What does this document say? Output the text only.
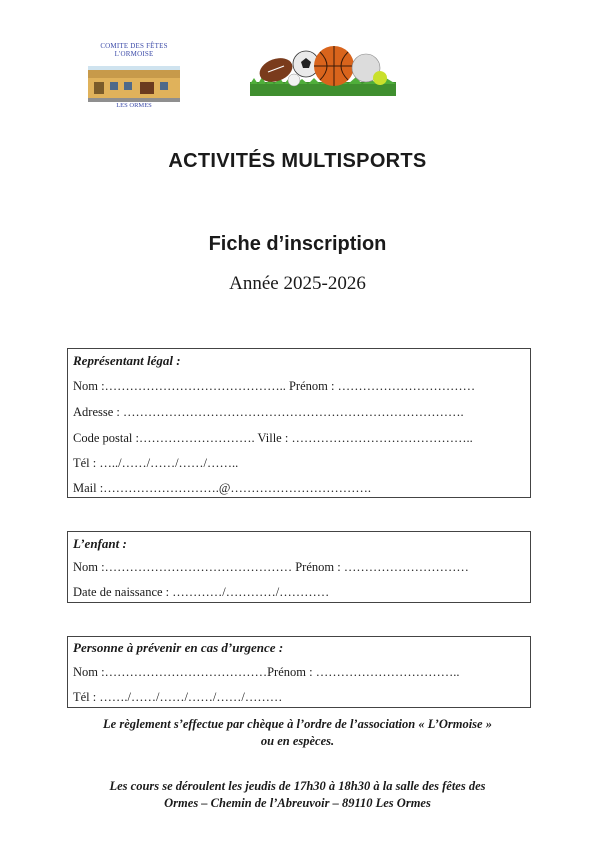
COMITE DES FÊTES L'ORMOISE
LES ORMES
ACTIVITÉS MULTISPORTS
Fiche d’inscription
Année 2025-2026
Représentant légal :
Nom :…………………………………….. Prénom : ……………………………
Adresse : ……………………………………………………………………….
Code postal :………………………. Ville : ……………………………………..
Tél : …../……/……/……/……..
Mail :……………………….@…………………………….
L’enfant :
Nom :……………………………………… Prénom : …………………………
Date de naissance : …………/…………/…………
Personne à prévenir en cas d’urgence :
Nom :…………………………………Prénom : ……………………………..
Tél : ……./……/……/……/……/………
Le règlement s’effectue par chèque à l’ordre de l’association « L’Ormoise »
ou en espèces.
Les cours se déroulent les jeudis de 17h30 à 18h30 à la salle des fêtes des
Ormes – Chemin de l’Abreuvoir – 89110 Les Ormes
